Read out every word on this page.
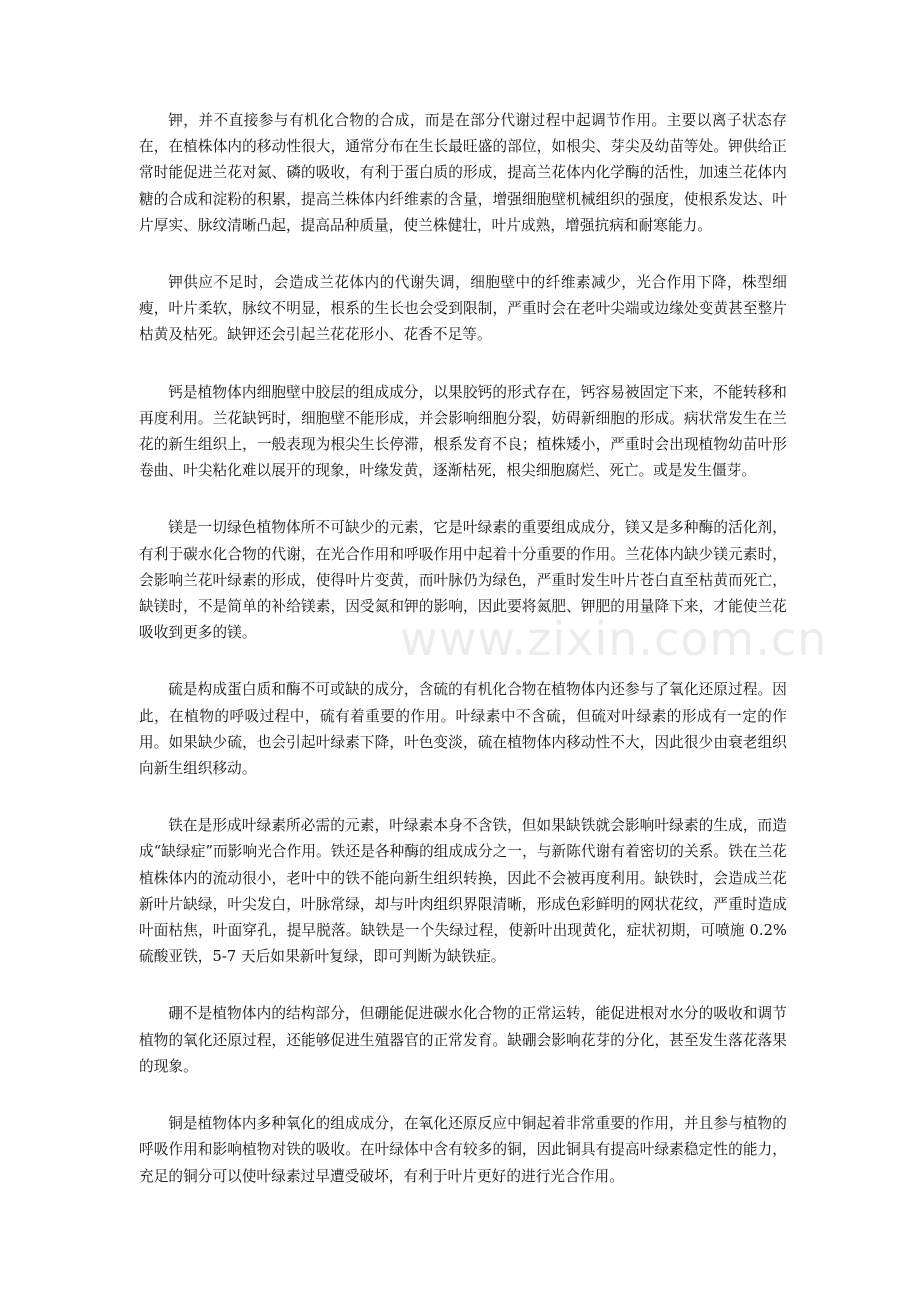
www.zixin.com.cn

钾，并不直接参与有机化合物的合成，而是在部分代谢过程中起调节作用。主要以离子状态存在，在植株体内的移动性很大，通常分布在生长最旺盛的部位，如根尖、芽尖及幼苗等处。钾供给正常时能促进兰花对氮、磷的吸收，有利于蛋白质的形成，提高兰花体内化学酶的活性，加速兰花体内糖的合成和淀粉的积累，提高兰株体内纤维素的含量，增强细胞壁机械组织的强度，使根系发达、叶片厚实、脉纹清晰凸起，提高品种质量，使兰株健壮，叶片成熟，增强抗病和耐寒能力。

钾供应不足时，会造成兰花体内的代谢失调，细胞壁中的纤维素减少，光合作用下降，株型细瘦，叶片柔软，脉纹不明显，根系的生长也会受到限制，严重时会在老叶尖端或边缘处变黄甚至整片枯黄及枯死。缺钾还会引起兰花花形小、花香不足等。

钙是植物体内细胞壁中胶层的组成成分，以果胶钙的形式存在，钙容易被固定下来，不能转移和再度利用。兰花缺钙时，细胞壁不能形成，并会影响细胞分裂，妨碍新细胞的形成。病状常发生在兰花的新生组织上，一般表现为根尖生长停滞，根系发育不良；植株矮小，严重时会出现植物幼苗叶形卷曲、叶尖粘化难以展开的现象，叶缘发黄，逐渐枯死，根尖细胞腐烂、死亡。或是发生僵芽。

镁是一切绿色植物体所不可缺少的元素，它是叶绿素的重要组成成分，镁又是多种酶的活化剂，有利于碳水化合物的代谢，在光合作用和呼吸作用中起着十分重要的作用。兰花体内缺少镁元素时，会影响兰花叶绿素的形成，使得叶片变黄，而叶脉仍为绿色，严重时发生叶片苍白直至枯黄而死亡，缺镁时，不是简单的补给镁素，因受氮和钾的影响，因此要将氮肥、钾肥的用量降下来，才能使兰花吸收到更多的镁。

硫是构成蛋白质和酶不可或缺的成分，含硫的有机化合物在植物体内还参与了氧化还原过程。因此，在植物的呼吸过程中，硫有着重要的作用。叶绿素中不含硫，但硫对叶绿素的形成有一定的作用。如果缺少硫，也会引起叶绿素下降，叶色变淡，硫在植物体内移动性不大，因此很少由衰老组织向新生组织移动。

铁在是形成叶绿素所必需的元素，叶绿素本身不含铁，但如果缺铁就会影响叶绿素的生成，而造成“缺绿症”而影响光合作用。铁还是各种酶的组成成分之一，与新陈代谢有着密切的关系。铁在兰花植株体内的流动很小，老叶中的铁不能向新生组织转换，因此不会被再度利用。缺铁时，会造成兰花新叶片缺绿，叶尖发白，叶脉常绿，却与叶肉组织界限清晰，形成色彩鲜明的网状花纹，严重时造成叶面枯焦，叶面穿孔，提早脱落。缺铁是一个失绿过程，使新叶出现黄化，症状初期，可喷施 0.2%硫酸亚铁，5-7 天后如果新叶复绿，即可判断为缺铁症。

硼不是植物体内的结构部分，但硼能促进碳水化合物的正常运转，能促进根对水分的吸收和调节植物的氧化还原过程，还能够促进生殖器官的正常发育。缺硼会影响花芽的分化，甚至发生落花落果的现象。

铜是植物体内多种氧化的组成成分，在氧化还原反应中铜起着非常重要的作用，并且参与植物的呼吸作用和影响植物对铁的吸收。在叶绿体中含有较多的铜，因此铜具有提高叶绿素稳定性的能力，充足的铜分可以使叶绿素过早遭受破坏，有利于叶片更好的进行光合作用。
